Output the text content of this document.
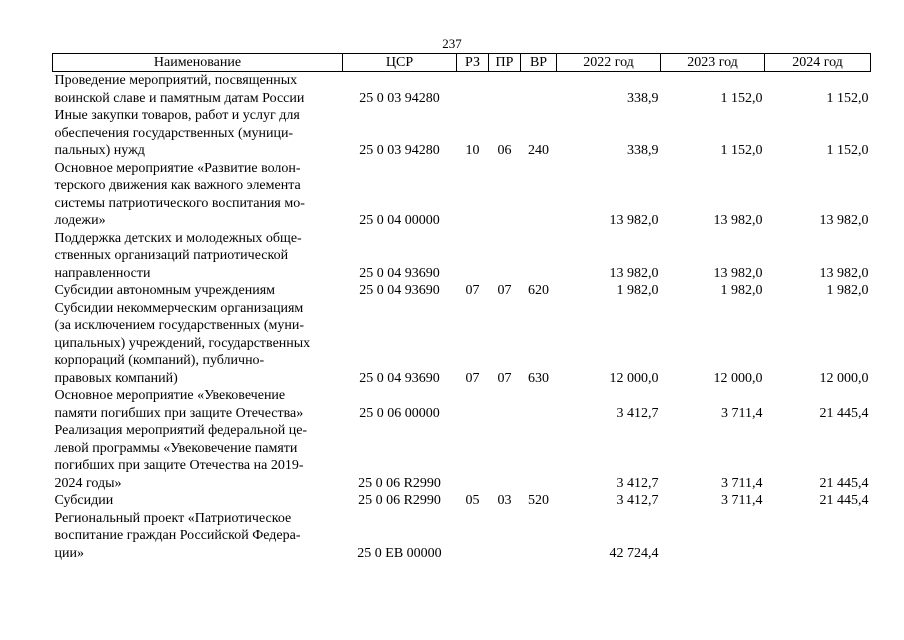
237
Наименование	ЦСР	РЗ	ПР	ВР	2022 год	2023 год	2024 год
Проведение мероприятий, посвященных
воинской славе и памятным датам России	25 0 03 94280				338,9	1 152,0	1 152,0
Иные закупки товаров, работ и услуг для
обеспечения государственных (муници-
пальных) нужд	25 0 03 94280	10	06	240	338,9	1 152,0	1 152,0
Основное мероприятие «Развитие волон-
терского движения как важного элемента
системы патриотического воспитания мо-
лодежи»	25 0 04 00000				13 982,0	13 982,0	13 982,0
Поддержка детских и молодежных обще-
ственных организаций патриотической
направленности	25 0 04 93690				13 982,0	13 982,0	13 982,0
Субсидии автономным учреждениям	25 0 04 93690	07	07	620	1 982,0	1 982,0	1 982,0
Субсидии некоммерческим организациям
(за исключением государственных (муни-
ципальных) учреждений, государственных
корпораций (компаний), публично-
правовых компаний)	25 0 04 93690	07	07	630	12 000,0	12 000,0	12 000,0
Основное мероприятие «Увековечение
памяти погибших при защите Отечества»	25 0 06 00000				3 412,7	3 711,4	21 445,4
Реализация мероприятий федеральной це-
левой программы «Увековечение памяти
погибших при защите Отечества на 2019-
2024 годы»	25 0 06 R2990				3 412,7	3 711,4	21 445,4
Субсидии	25 0 06 R2990	05	03	520	3 412,7	3 711,4	21 445,4
Региональный проект «Патриотическое
воспитание граждан Российской Федера-
ции»	25 0 EB 00000				42 724,4		
